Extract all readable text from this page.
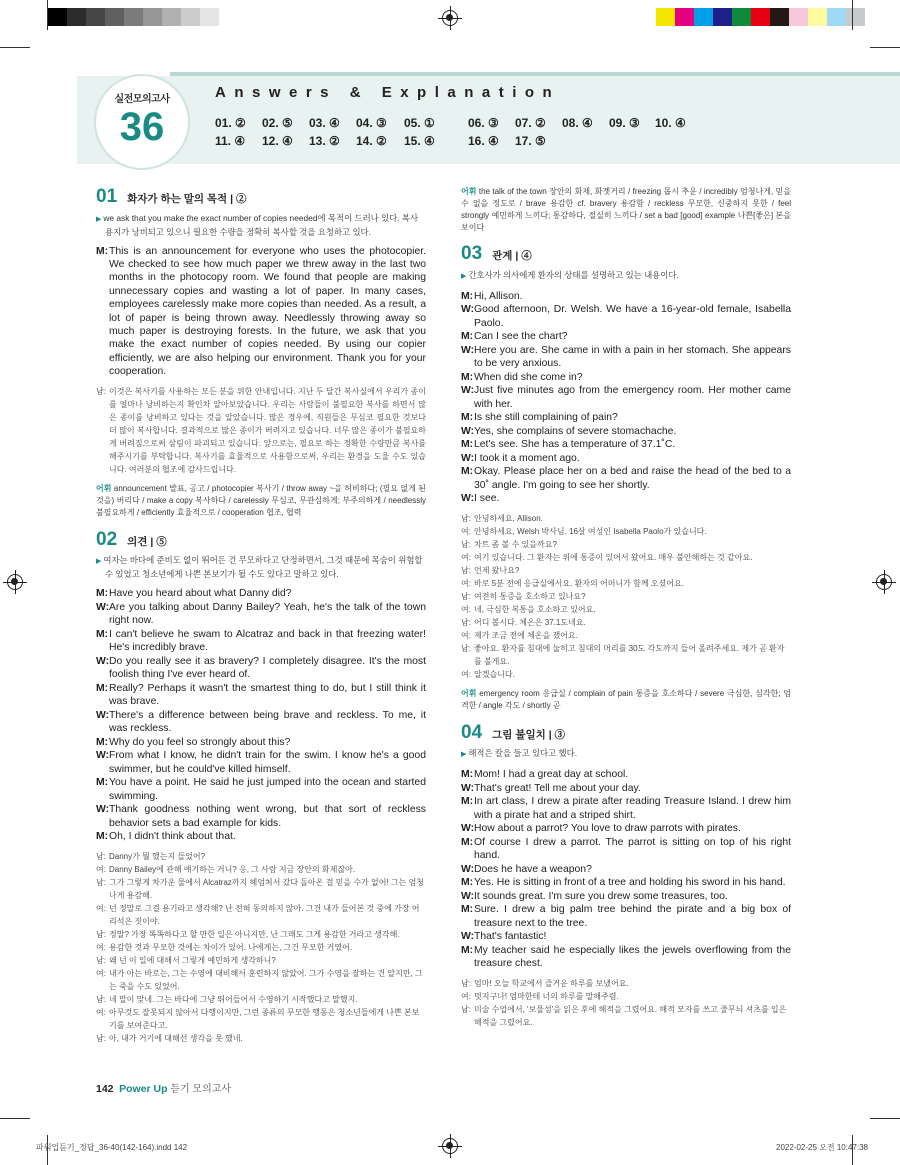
실전모의고사
36
Answers & Explanation
01. ② 02. ⑤ 03. ④ 04. ③ 05. ①	06. ③ 07. ② 08. ④ 09. ③ 10. ④
11. ④ 12. ④ 13. ② 14. ② 15. ④	16. ④ 17. ⑤
01 화자가 하는 말의 목적 | ②
▶ we ask that you make the exact number of copies needed에 목적이 드러나 있다. 복사용지가 낭비되고 있으니 필요한 수량을 정확히 복사할 것을 요청하고 있다.
M: This is an announcement for everyone who uses the photocopier. We checked to see how much paper we threw away in the last two months in the photocopy room. We found that people are making unnecessary copies and wasting a lot of paper. In many cases, employees carelessly make more copies than needed. As a result, a lot of paper is being thrown away. Needlessly throwing away so much paper is destroying forests. In the future, we ask that you make the exact number of copies needed. By using our copier efficiently, we are also helping our environment. Thank you for your cooperation.
남: 이것은 복사기를 사용하는 모든 분을 위한 안내입니다. 지난 두 달간 복사실에서 우리가 종이를 얼마나 낭비하는지 확인차 알아보았습니다. 우리는 사람들이 불필요한 복사를 하면서 많은 종이를 낭비하고 있다는 것을 알았습니다. 많은 경우에, 직원들은 무심코 필요한 것보다 더 많이 복사합니다. 결과적으로 많은 종이가 버려지고 있습니다. 너무 많은 종이가 불필요하게 버려짐으로써 삼림이 파괴되고 있습니다. 앞으로는, 필요로 하는 정확한 수량만큼 복사를 해주시기를 부탁합니다. 복사기를 효율적으로 사용함으로써, 우리는 환경을 도울 수도 있습니다. 여러분의 협조에 감사드립니다.
어휘 announcement 발표, 공고 / photocopier 복사기 / throw away ~을 허비하다; (필요 없게 된 것을) 버리다 / make a copy 복사하다 / carelessly 무심코, 무관심하게; 부주의하게 / needlessly 불필요하게 / efficiently 효율적으로 / cooperation 협조, 협력
02 의견 | ⑤
▶ 여자는 바다에 준비도 없이 뛰어든 건 무모하다고 단정하면서, 그것 때문에 목숨이 위험할 수 있었고 청소년에게 나쁜 본보기가 될 수도 있다고 말하고 있다.
M: Have you heard about what Danny did?
W: Are you talking about Danny Bailey? Yeah, he's the talk of the town right now.
M: I can't believe he swam to Alcatraz and back in that freezing water! He's incredibly brave.
W: Do you really see it as bravery? I completely disagree. It's the most foolish thing I've ever heard of.
M: Really? Perhaps it wasn't the smartest thing to do, but I still think it was brave.
W: There's a difference between being brave and reckless. To me, it was reckless.
M: Why do you feel so strongly about this?
W: From what I know, he didn't train for the swim. I know he's a good swimmer, but he could've killed himself.
M: You have a point. He said he just jumped into the ocean and started swimming.
W: Thank goodness nothing went wrong, but that sort of reckless behavior sets a bad example for kids.
M: Oh, I didn't think about that.
남: Danny가 뭘 했는지 들었어?
여: Danny Bailey에 관해 얘기하는 거니? 응, 그 사람 지금 장안의 화제잖아.
남: 그가 그렇게 차가운 물에서 Alcatraz까지 헤엄쳐서 갔다 돌아온 걸 믿을 수가 없어! 그는 엄청나게 용감해.
여: 넌 정말로 그걸 용기라고 생각해? 난 전혀 동의하지 않아. 그건 내가 들어본 것 중에 가장 어리석은 짓이야.
남: 정말? 가장 똑똑하다고 할 만한 일은 아니지만, 난 그래도 그게 용감한 거라고 생각해.
여: 용감한 것과 무모한 것에는 차이가 있어. 나에게는, 그건 무모한 거였어.
남: 왜 넌 이 일에 대해서 그렇게 예민하게 생각하니?
여: 내가 아는 바로는, 그는 수영에 대비해서 훈련하지 않았어. 그가 수영을 잘하는 건 알지만, 그는 죽을 수도 있었어.
남: 네 말이 맞네. 그는 바다에 그냥 뛰어들어서 수영하기 시작했다고 말했지.
여: 아무것도 잘못되지 않아서 다행이지만, 그런 종류의 무모한 행동은 청소년들에게 나쁜 본보기를 보여준다고.
남: 아, 내가 거기에 대해선 생각을 못 했네.
어휘 the talk of the town 장안의 화제, 화젯거리 / freezing 몹시 추운 / incredibly 엄청나게, 믿을 수 없을 정도로 / brave 용감한 cf. bravery 용감함 / reckless 무모한, 신중하지 못한 / feel strongly 예민하게 느끼다; 통감하다, 절실히 느끼다 / set a bad [good] example 나쁜[좋은] 본을 보이다
03 관계 | ④
▶ 간호사가 의사에게 환자의 상태를 설명하고 있는 내용이다.
M: Hi, Allison.
W: Good afternoon, Dr. Welsh. We have a 16-year-old female, Isabella Paolo.
M: Can I see the chart?
W: Here you are. She came in with a pain in her stomach. She appears to be very anxious.
M: When did she come in?
W: Just five minutes ago from the emergency room. Her mother came with her.
M: Is she still complaining of pain?
W: Yes, she complains of severe stomachache.
M: Let's see. She has a temperature of 37.1˚C.
W: I took it a moment ago.
M: Okay. Please place her on a bed and raise the head of the bed to a 30˚ angle. I'm going to see her shortly.
W: I see.
남: 안녕하세요, Allison.
여: 안녕하세요, Welsh 박사님. 16살 여성인 Isabella Paolo가 있습니다.
남: 차트 좀 볼 수 있을까요?
여: 여기 있습니다. 그 환자는 위에 통증이 있어서 왔어요. 매우 불안해하는 것 같아요.
남: 언제 왔나요?
여: 바로 5분 전에 응급실에서요. 환자의 어머니가 함께 오셨어요.
남: 여전히 통증을 호소하고 있나요?
여: 네, 극심한 복통을 호소하고 있어요.
남: 어디 봅시다. 체온은 37.1도네요.
여: 제가 조금 전에 체온을 쟀어요.
남: 좋아요. 환자를 침대에 눕히고 침대의 머리를 30도 각도까지 들어 올려주세요. 제가 곧 환자를 볼게요.
여: 알겠습니다.
어휘 emergency room 응급실 / complain of pain 통증을 호소하다 / severe 극심한, 심각한; 엄격한 / angle 각도 / shortly 곧
04 그림 불일치 | ③
▶ 해적은 칼을 들고 있다고 했다.
M: Mom! I had a great day at school.
W: That's great! Tell me about your day.
M: In art class, I drew a pirate after reading Treasure Island. I drew him with a pirate hat and a striped shirt.
W: How about a parrot? You love to draw parrots with pirates.
M: Of course I drew a parrot. The parrot is sitting on top of his right hand.
W: Does he have a weapon?
M: Yes. He is sitting in front of a tree and holding his sword in his hand.
W: It sounds great. I'm sure you drew some treasures, too.
M: Sure. I drew a big palm tree behind the pirate and a big box of treasure next to the tree.
W: That's fantastic!
M: My teacher said he especially likes the jewels overflowing from the treasure chest.
남: 엄마! 오늘 학교에서 즐거운 하루를 보냈어요.
여: 멋지구나! 엄마한테 너의 하루를 말해주렴.
남: 미술 수업에서, '보물섬'을 읽은 후에 해적을 그렸어요. 해적 모자를 쓰고 줄무늬 셔츠를 입은 해적을 그렸어요.
142 Power Up 듣기 모의고사
파워업듣기_정답_36-40(142-164).indd 142	2022-02-25 오전 10:47:38
